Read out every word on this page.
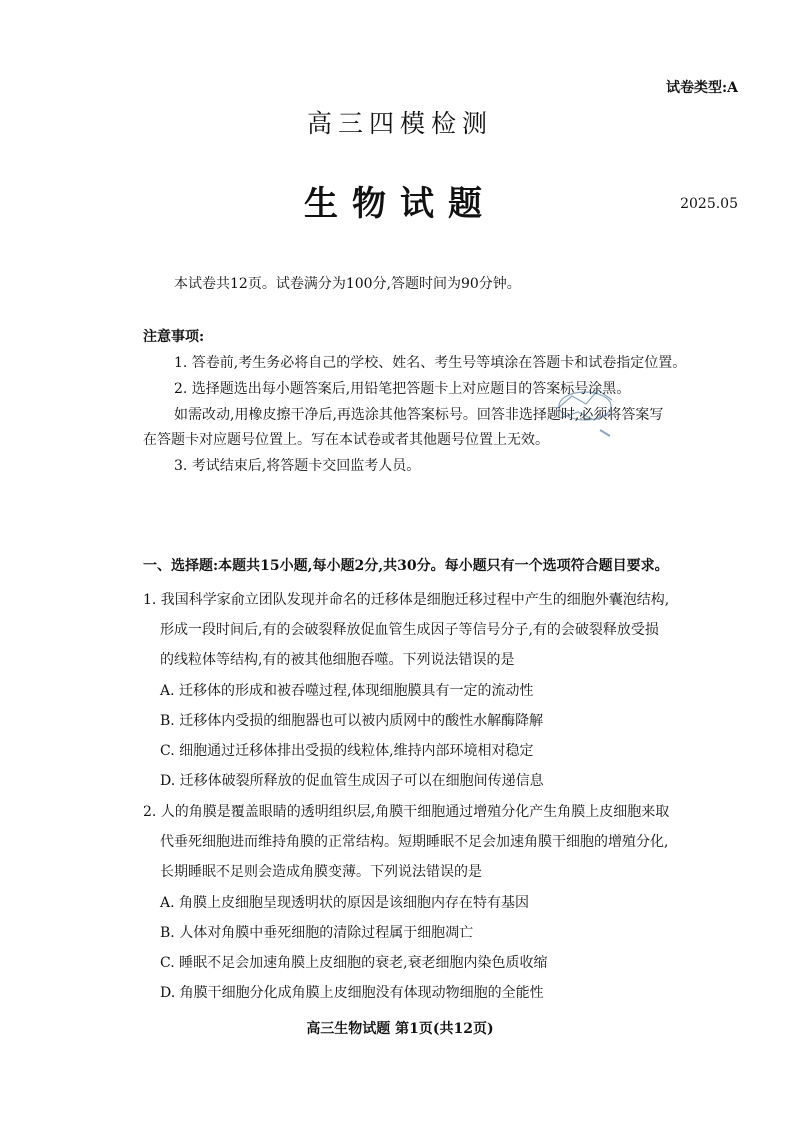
试卷类型:A
高三四模检测
生物试题	2025.05
本试卷共12页。试卷满分为100分,答题时间为90分钟。
注意事项:
1. 答卷前,考生务必将自己的学校、姓名、考生号等填涂在答题卡和试卷指定位置。
2. 选择题选出每小题答案后,用铅笔把答题卡上对应题目的答案标号涂黑。
如需改动,用橡皮擦干净后,再选涂其他答案标号。回答非选择题时,必须将答案写
在答题卡对应题号位置上。写在本试卷或者其他题号位置上无效。
3. 考试结束后,将答题卡交回监考人员。
一、选择题:本题共15小题,每小题2分,共30分。每小题只有一个选项符合题目要求。
1. 我国科学家俞立团队发现并命名的迁移体是细胞迁移过程中产生的细胞外囊泡结构,
形成一段时间后,有的会破裂释放促血管生成因子等信号分子,有的会破裂释放受损
的线粒体等结构,有的被其他细胞吞噬。下列说法错误的是
A. 迁移体的形成和被吞噬过程,体现细胞膜具有一定的流动性
B. 迁移体内受损的细胞器也可以被内质网中的酸性水解酶降解
C. 细胞通过迁移体排出受损的线粒体,维持内部环境相对稳定
D. 迁移体破裂所释放的促血管生成因子可以在细胞间传递信息
2. 人的角膜是覆盖眼睛的透明组织层,角膜干细胞通过增殖分化产生角膜上皮细胞来取
代垂死细胞进而维持角膜的正常结构。短期睡眠不足会加速角膜干细胞的增殖分化,
长期睡眠不足则会造成角膜变薄。下列说法错误的是
A. 角膜上皮细胞呈现透明状的原因是该细胞内存在特有基因
B. 人体对角膜中垂死细胞的清除过程属于细胞凋亡
C. 睡眠不足会加速角膜上皮细胞的衰老,衰老细胞内染色质收缩
D. 角膜干细胞分化成角膜上皮细胞没有体现动物细胞的全能性
高三生物试题 第1页(共12页)
